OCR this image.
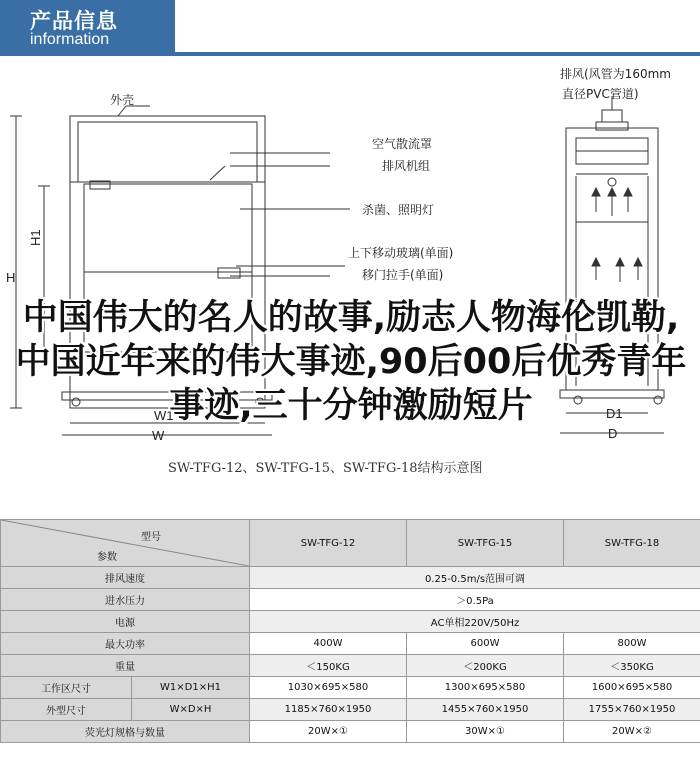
产品信息
information
外壳
空气散流罩
排风机组
杀菌、照明灯
上下移动玻璃(单面)
移门拉手(单面)
排风(风管为160mm
直径PVC管道)
H
H1
W1
W
D1
D
SW-TFG-12、SW-TFG-15、SW-TFG-18结构示意图
中国伟大的名人的故事,励志人物海伦凯勒,中国近年来的伟大事迹,90后00后优秀青年事迹,三十分钟激励短片
型号
参数		SW-TFG-12	SW-TFG-15	SW-TFG-18
排风速度		0.25-0.5m/s范围可调		
进水压力		＞0.5Pa		
电源		AC单相220V/50Hz		
最大功率		400W	600W	800W
重量		＜150KG	＜200KG	＜350KG
工作区尺寸	W1×D1×H1	1030×695×580	1300×695×580	1600×695×580
外型尺寸	W×D×H	1185×760×1950	1455×760×1950	1755×760×1950
荧光灯规格与数量		20W×①	30W×①	20W×②
